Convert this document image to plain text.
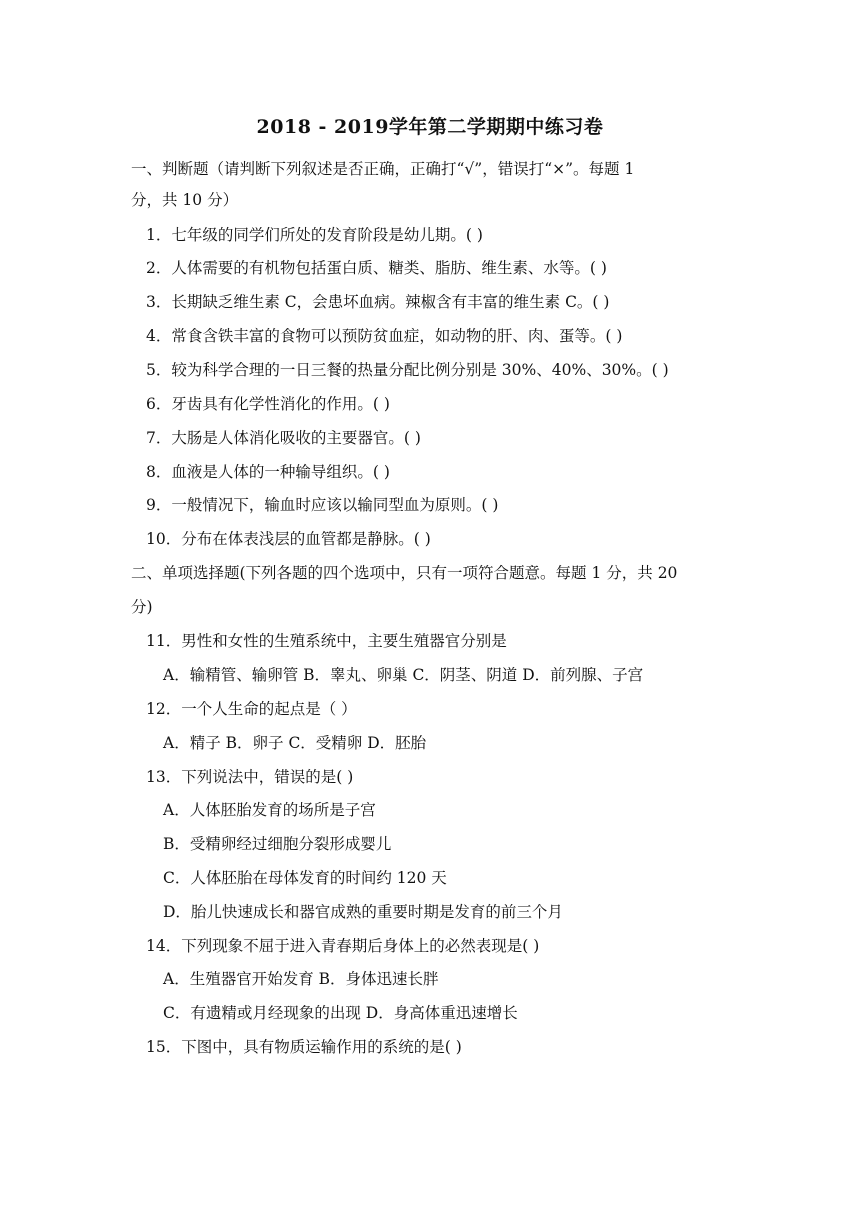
2018 - 2019学年第二学期期中练习卷
一、判断题（请判断下列叙述是否正确，正确打“√”，错误打“×”。每题 1
分，共 10 分）
1．七年级的同学们所处的发育阶段是幼儿期。( )
2．人体需要的有机物包括蛋白质、糖类、脂肪、维生素、水等。( )
3．长期缺乏维生素 C，会患坏血病。辣椒含有丰富的维生素 C。( )
4．常食含铁丰富的食物可以预防贫血症，如动物的肝、肉、蛋等。( )
5．较为科学合理的一日三餐的热量分配比例分别是 30%、40%、30%。( )
6．牙齿具有化学性消化的作用。( )
7．大肠是人体消化吸收的主要器官。( )
8．血液是人体的一种输导组织。( )
9．一般情况下，输血时应该以输同型血为原则。( )
10．分布在体表浅层的血管都是静脉。( )
二、单项选择题(下列各题的四个选项中，只有一项符合题意。每题 1 分，共 20
分)
11．男性和女性的生殖系统中，主要生殖器官分别是
A．输精管、输卵管 B．睾丸、卵巢 C．阴茎、阴道 D．前列腺、子宫
12．一个人生命的起点是（ ）
A．精子 B．卵子 C．受精卵 D．胚胎
13．下列说法中，错误的是( )
A．人体胚胎发育的场所是子宫
B．受精卵经过细胞分裂形成婴儿
C．人体胚胎在母体发育的时间约 120 天
D．胎儿快速成长和器官成熟的重要时期是发育的前三个月
14．下列现象不屈于进入青春期后身体上的必然表现是( )
A．生殖器官开始发育 B．身体迅速长胖
C．有遗精或月经现象的出现 D．身高体重迅速增长
15．下图中，具有物质运输作用的系统的是( )
